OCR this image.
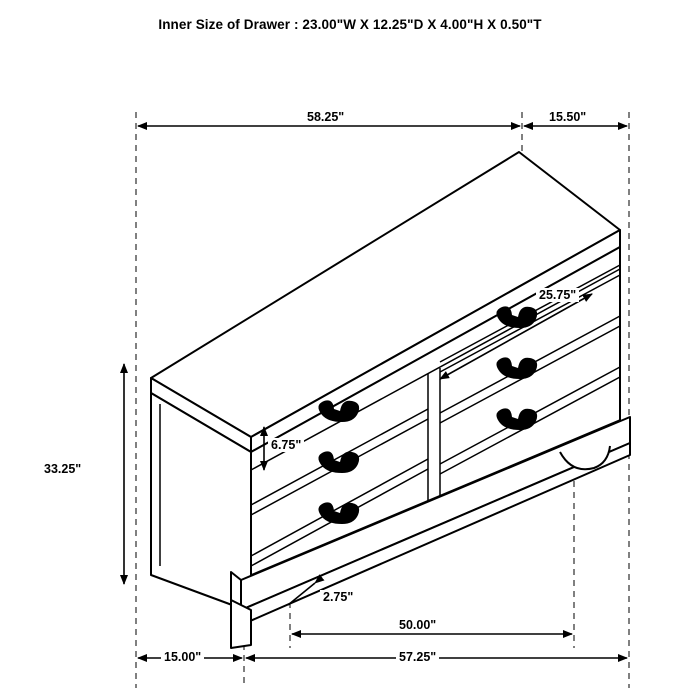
Inner Size of Drawer : 23.00"W X 12.25"D X 4.00"H X 0.50"T
58.25"	15.50"
25.75"
6.75"
33.25"
2.75"
15.00"
50.00"
57.25"
